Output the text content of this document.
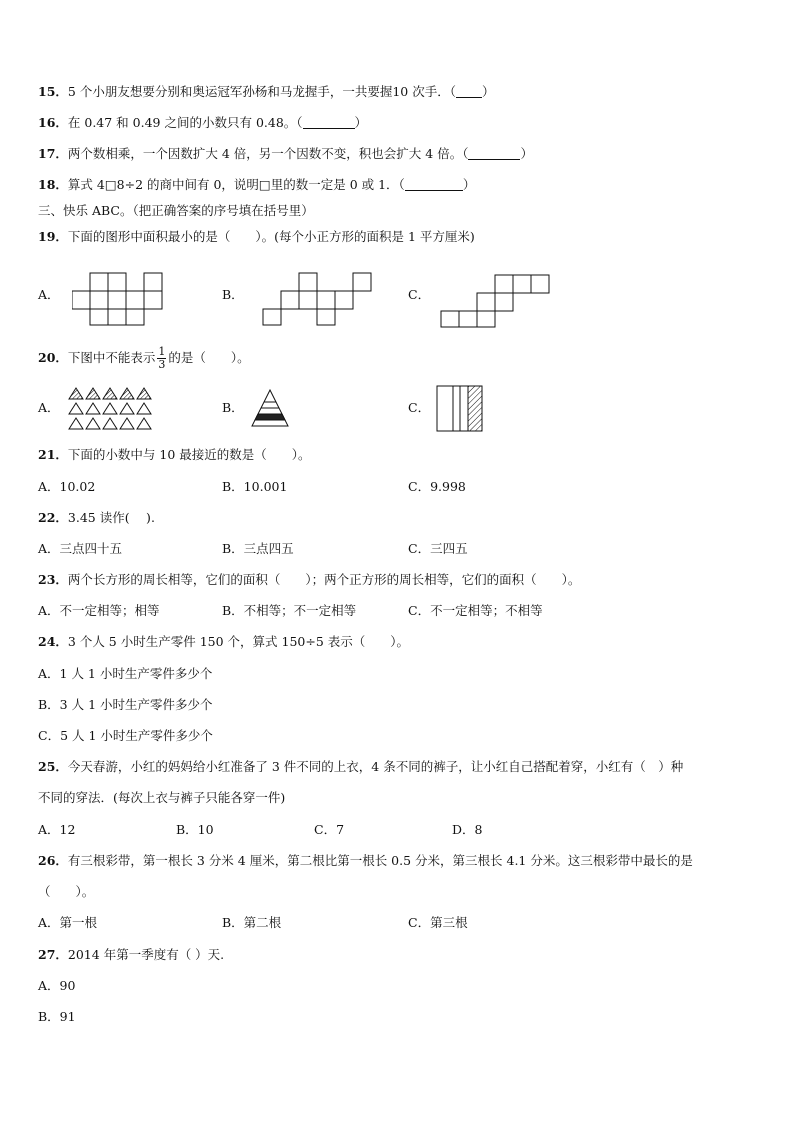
15．5 个小朋友想要分别和奥运冠军孙杨和马龙握手，一共要握10 次手．（ ）
16．在 0.47 和 0.49 之间的小数只有 0.48。（	）
17．两个数相乘，一个因数扩大 4 倍，另一个因数不变，积也会扩大 4 倍。（	）
18．算式 4□8÷2 的商中间有 0，说明□里的数一定是 0 或 1．（	）
三、快乐 ABC。（把正确答案的序号填在括号里）
19．下面的图形中面积最小的是（　　）。(每个小正方形的面积是 1 平方厘米)
A．	B．	C．
20．下图中不能表示 $\frac{1}{3}$ 的是（　　）。
A．	B．	C．
21．下面的小数中与 10 最接近的数是（　　）。
A．10.02	B．10.001	C．9.998
22．3.45 读作(　 ).
A．三点四十五	B．三点四五	C．三四五
23．两个长方形的周长相等，它们的面积（　　）；两个正方形的周长相等，它们的面积（　　）。
A．不一定相等；相等	B．不相等；不一定相等	C．不一定相等；不相等
24．3 个人 5 小时生产零件 150 个，算式 150÷5 表示（　　）。
A．1 人 1 小时生产零件多少个
B．3 人 1 小时生产零件多少个
C．5 人 1 小时生产零件多少个
25．今天春游，小红的妈妈给小红准备了 3 件不同的上衣，4 条不同的裤子，让小红自己搭配着穿，小红有（　）种
不同的穿法．(每次上衣与裤子只能各穿一件)
A．12	B．10	C．7	D．8
26．有三根彩带，第一根长 3 分米 4 厘米，第二根比第一根长 0.5 分米，第三根长 4.1 分米。这三根彩带中最长的是
（　　）。
A．第一根	B．第二根	C．第三根
27．2014 年第一季度有（ ）天.
A．90
B．91
